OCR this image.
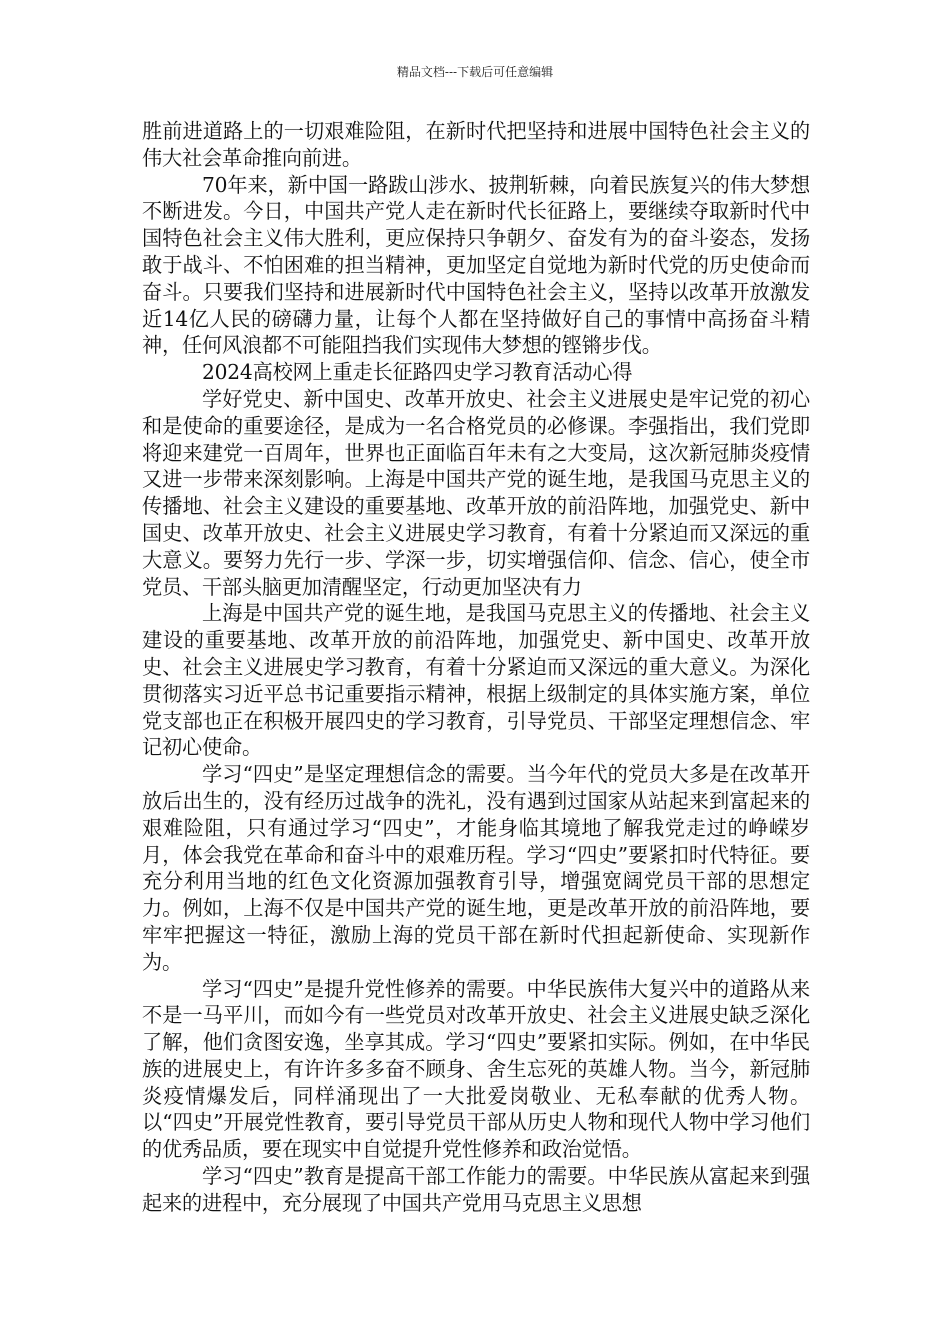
精品文档---下载后可任意编辑

胜前进道路上的一切艰难险阻，在新时代把坚持和进展中国特色社会主义的伟大社会革命推向前进。

70年来，新中国一路跋山涉水、披荆斩棘，向着民族复兴的伟大梦想不断进发。今日，中国共产党人走在新时代长征路上，要继续夺取新时代中国特色社会主义伟大胜利，更应保持只争朝夕、奋发有为的奋斗姿态，发扬敢于战斗、不怕困难的担当精神，更加坚定自觉地为新时代党的历史使命而奋斗。只要我们坚持和进展新时代中国特色社会主义，坚持以改革开放激发近14亿人民的磅礴力量，让每个人都在坚持做好自己的事情中高扬奋斗精神，任何风浪都不可能阻挡我们实现伟大梦想的铿锵步伐。

2024高校网上重走长征路四史学习教育活动心得

学好党史、新中国史、改革开放史、社会主义进展史是牢记党的初心和是使命的重要途径，是成为一名合格党员的必修课。李强指出，我们党即将迎来建党一百周年，世界也正面临百年未有之大变局，这次新冠肺炎疫情又进一步带来深刻影响。上海是中国共产党的诞生地，是我国马克思主义的传播地、社会主义建设的重要基地、改革开放的前沿阵地，加强党史、新中国史、改革开放史、社会主义进展史学习教育，有着十分紧迫而又深远的重大意义。要努力先行一步、学深一步，切实增强信仰、信念、信心，使全市党员、干部头脑更加清醒坚定，行动更加坚决有力

上海是中国共产党的诞生地，是我国马克思主义的传播地、社会主义建设的重要基地、改革开放的前沿阵地，加强党史、新中国史、改革开放史、社会主义进展史学习教育，有着十分紧迫而又深远的重大意义。为深化贯彻落实习近平总书记重要指示精神，根据上级制定的具体实施方案，单位党支部也正在积极开展四史的学习教育，引导党员、干部坚定理想信念、牢记初心使命。

学习“四史”是坚定理想信念的需要。当今年代的党员大多是在改革开放后出生的，没有经历过战争的洗礼，没有遇到过国家从站起来到富起来的艰难险阻，只有通过学习“四史”，才能身临其境地了解我党走过的峥嵘岁月，体会我党在革命和奋斗中的艰难历程。学习“四史”要紧扣时代特征。要充分利用当地的红色文化资源加强教育引导，增强宽阔党员干部的思想定力。例如，上海不仅是中国共产党的诞生地，更是改革开放的前沿阵地，要牢牢把握这一特征，激励上海的党员干部在新时代担起新使命、实现新作为。

学习“四史”是提升党性修养的需要。中华民族伟大复兴中的道路从来不是一马平川，而如今有一些党员对改革开放史、社会主义进展史缺乏深化了解，他们贪图安逸，坐享其成。学习“四史”要紧扣实际。例如，在中华民族的进展史上，有许许多多奋不顾身、舍生忘死的英雄人物。当今，新冠肺炎疫情爆发后，同样涌现出了一大批爱岗敬业、无私奉献的优秀人物。以“四史”开展党性教育，要引导党员干部从历史人物和现代人物中学习他们的优秀品质，要在现实中自觉提升党性修养和政治觉悟。

学习“四史”教育是提高干部工作能力的需要。中华民族从富起来到强起来的进程中，充分展现了中国共产党用马克思主义思想
